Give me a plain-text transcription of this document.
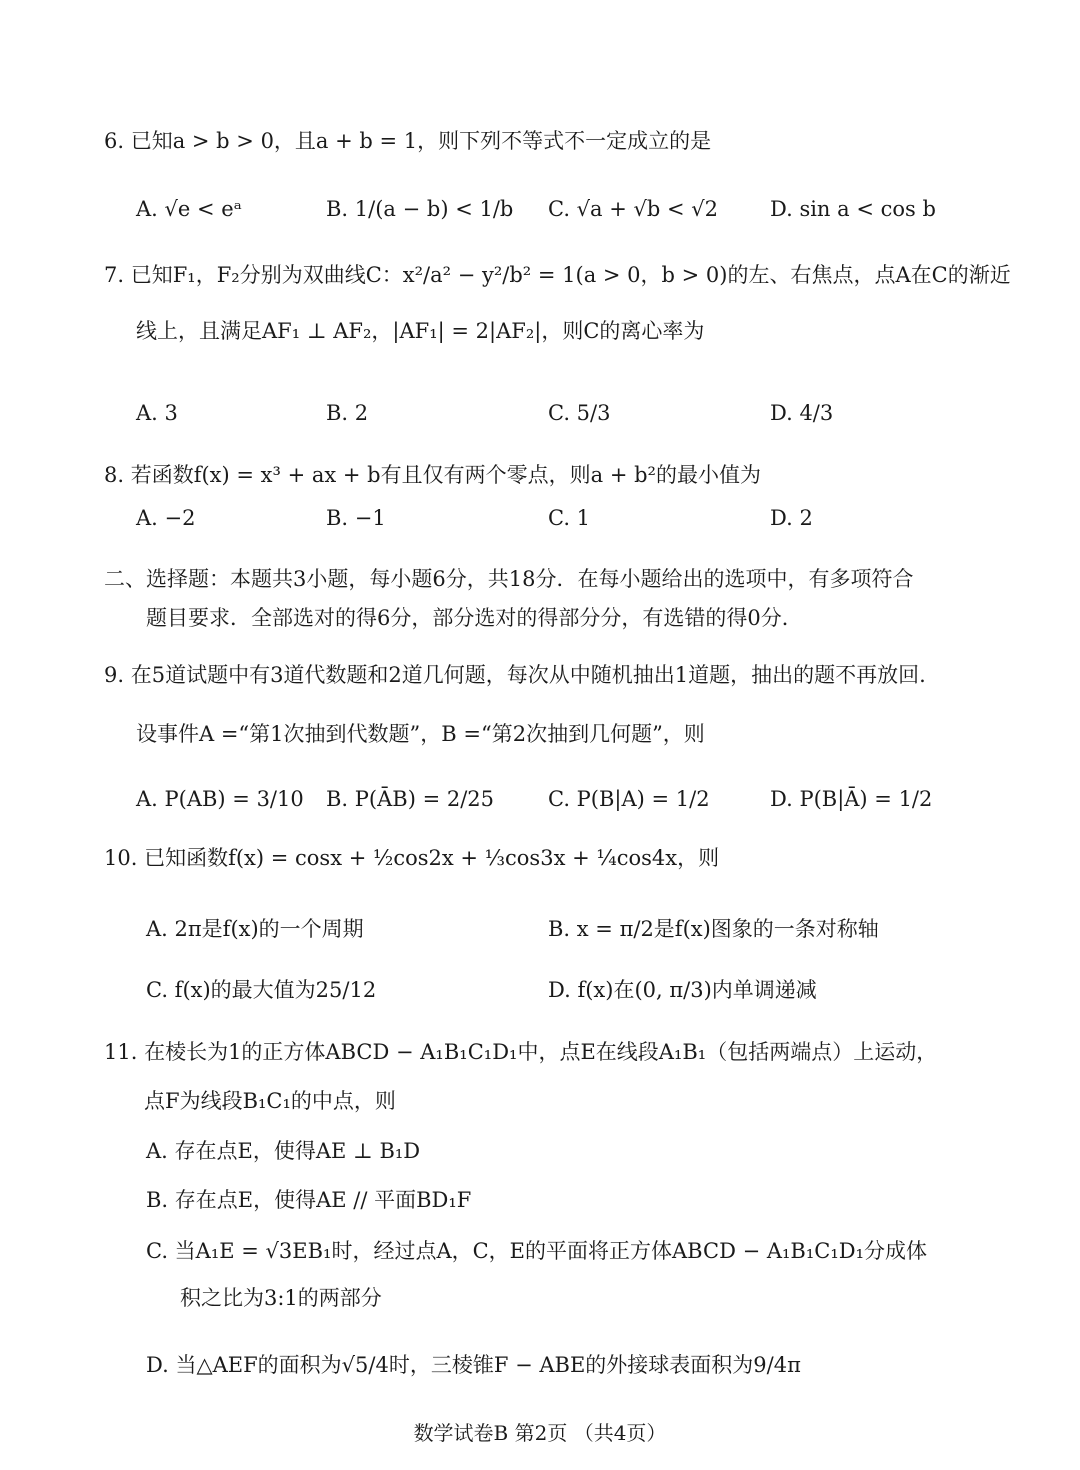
6. 已知a > b > 0，且a + b = 1，则下列不等式不一定成立的是
A. √e < eᵃ	B. 1/(a − b) < 1/b C. √a + √b < √2 D. sin a < cos b
7. 已知F₁，F₂分别为双曲线C：x²/a² − y²/b² = 1(a > 0，b > 0)的左、右焦点，点A在C的渐近
线上，且满足AF₁ ⊥ AF₂，|AF₁| = 2|AF₂|，则C的离心率为
A. 3	B. 2	C. 5/3	D. 4/3
8. 若函数f(x) = x³ + ax + b有且仅有两个零点，则a + b²的最小值为
A. −2	B. −1	C. 1	D. 2
二、选择题：本题共3小题，每小题6分，共18分．在每小题给出的选项中，有多项符合
题目要求．全部选对的得6分，部分选对的得部分分，有选错的得0分．
9. 在5道试题中有3道代数题和2道几何题，每次从中随机抽出1道题，抽出的题不再放回.
设事件A =“第1次抽到代数题”，B =“第2次抽到几何题”，则
A. P(AB) = 3/10 B. P(ĀB) = 2/25	C. P(B|A) = 1/2	D. P(B|Ā) = 1/2
10. 已知函数f(x) = cosx + ½cos2x + ⅓cos3x + ¼cos4x，则
A. 2π是f(x)的一个周期	B. x = π/2是f(x)图象的一条对称轴
C. f(x)的最大值为25/12	D. f(x)在(0, π/3)内单调递减
11. 在棱长为1的正方体ABCD − A₁B₁C₁D₁中，点E在线段A₁B₁（包括两端点）上运动，
点F为线段B₁C₁的中点，则
A. 存在点E，使得AE ⊥ B₁D
B. 存在点E，使得AE // 平面BD₁F
C. 当A₁E = √3EB₁时，经过点A，C，E的平面将正方体ABCD − A₁B₁C₁D₁分成体
积之比为3:1的两部分
D. 当△AEF的面积为√5/4时，三棱锥F − ABE的外接球表面积为9/4π
数学试卷B 第2页 （共4页）
